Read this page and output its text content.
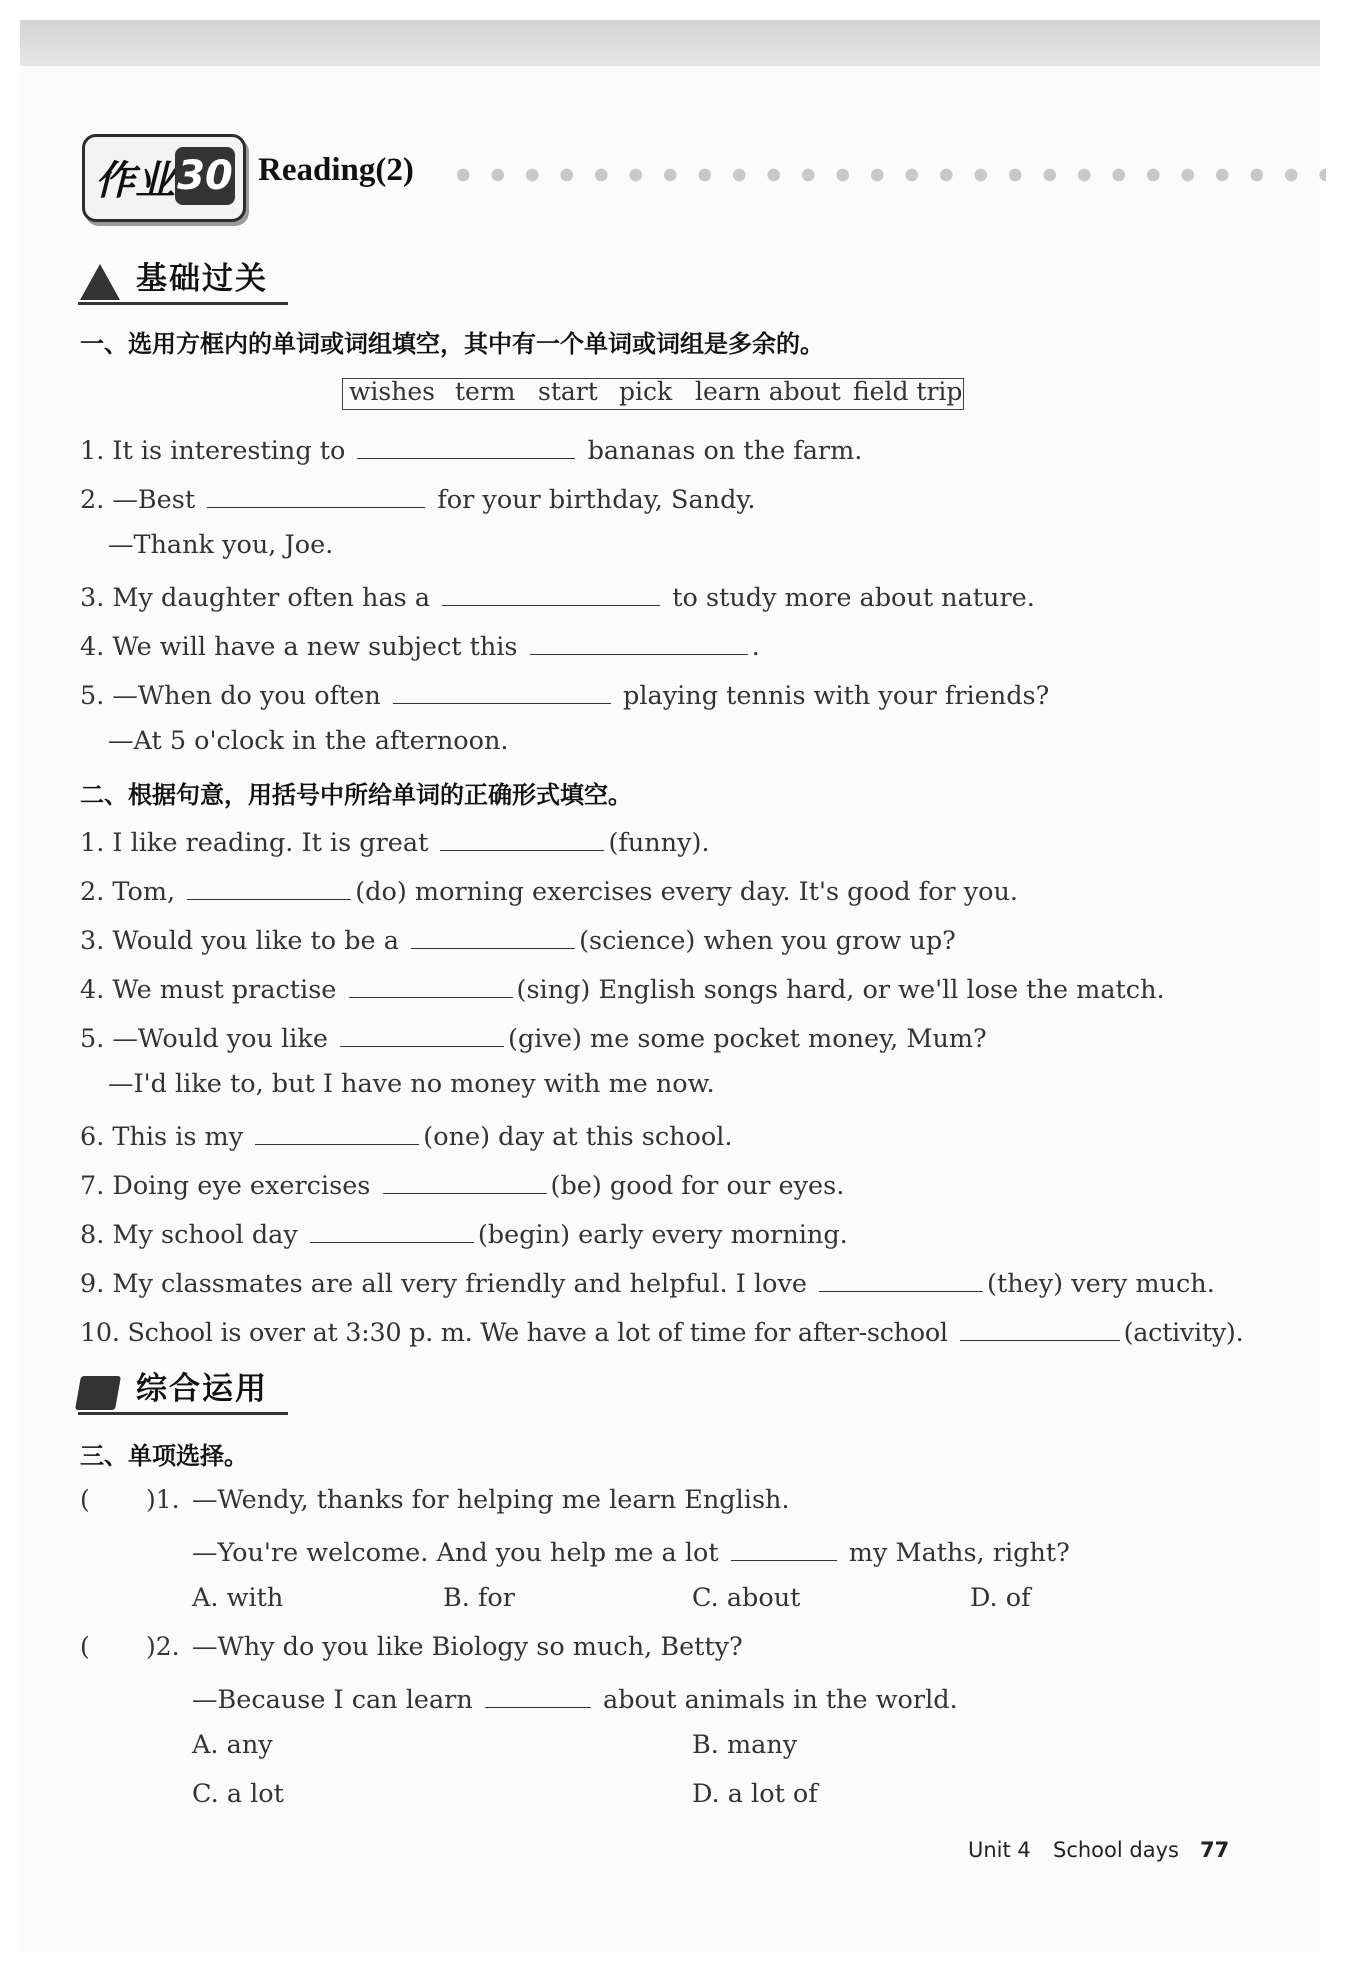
作业 30 Reading(2)
基础过关
一、选用方框内的单词或词组填空，其中有一个单词或词组是多余的。
wishes term start pick learn about field trip
1. It is interesting to	bananas on the farm.
2. —Best	for your birthday, Sandy.
—Thank you, Joe.
3. My daughter often has a	to study more about nature.
4. We will have a new subject this	.
5. —When do you often	playing tennis with your friends?
—At 5 o'clock in the afternoon.
二、根据句意，用括号中所给单词的正确形式填空。
1. I like reading. It is great	(funny).
2. Tom,	(do) morning exercises every day. It's good for you.
3. Would you like to be a	(science) when you grow up?
4. We must practise	(sing) English songs hard, or we'll lose the match.
5. —Would you like	(give) me some pocket money, Mum?
—I'd like to, but I have no money with me now.
6. This is my	(one) day at this school.
7. Doing eye exercises	(be) good for our eyes.
8. My school day	(begin) early every morning.
9. My classmates are all very friendly and helpful. I love	(they) very much.
10. School is over at 3:30 p. m. We have a lot of time for after-school	(activity).
综合运用
三、单项选择。
( )1. —Wendy, thanks for helping me learn English.
—You're welcome. And you help me a lot	my Maths, right?
A. with	B. for	C. about	D. of
( )2. —Why do you like Biology so much, Betty?
—Because I can learn	about animals in the world.
A. any	B. many
C. a lot	D. a lot of
Unit 4 School days 77
